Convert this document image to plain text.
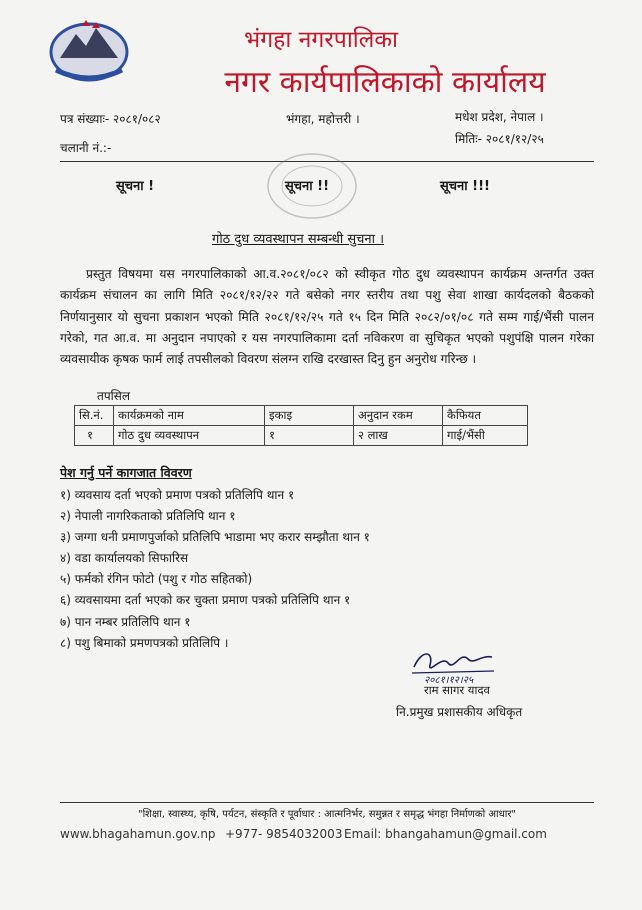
भंगहा नगरपालिका
नगर कार्यपालिकाको कार्यालय
पत्र संख्याः- २०८१/०८२	भंगहा, महोत्तरी ।	मधेश प्रदेश, नेपाल ।
चलानी नं.:-
मितिः- २०८१/१२/२५
सूचना !	सूचना !!	सूचना !!!
गोठ दुध व्यवस्थापन सम्बन्धी सुचना ।

प्रस्तुत विषयमा यस नगरपालिकाको आ.व.२०८१/०८२ को स्वीकृत गोठ दुध व्यवस्थापन कार्यक्रम अन्तर्गत उक्त कार्यक्रम संचालन का लागि मिति २०८१/१२/२२ गते बसेको नगर स्तरीय तथा पशु सेवा शाखा कार्यदलको बैठकको निर्णयानुसार यो सुचना प्रकाशन भएको मिति २०८१/१२/२५ गते १५ दिन मिति २०८२/०१/०८ गते सम्म गाई/भैंसी पालन गरेको, गत आ.व. मा अनुदान नपाएको र यस नगरपालिकामा दर्ता नविकरण वा सुचिकृत भएको पशुपंक्षि पालन गरेका व्यवसायीक कृषक फार्म लाई तपसीलको विवरण संलग्न राखि दरखास्त दिनु हुन अनुरोध गरिन्छ ।

तपसिल
सि.नं.	कार्यक्रमको नाम	इकाइ	अनुदान रकम	कैफियत
१	गोठ दुध व्यवस्थापन	१	२ लाख	गाई/भैंसी
पेश गर्नु पर्ने कागजात विवरण
१) व्यवसाय दर्ता भएको प्रमाण पत्रको प्रतिलिपि थान १
२) नेपाली नागरिकताको प्रतिलिपि थान १
३) जग्गा धनी प्रमाणपुर्जाको प्रतिलिपि भाडामा भए करार सम्झौता थान १
४) वडा कार्यालयको सिफारिस
५) फर्मको रंगिन फोटो (पशु र गोठ सहितको)
६) व्यवसायमा दर्ता भएको कर चुक्ता प्रमाण पत्रको प्रतिलिपि थान १
७) पान नम्बर प्रतिलिपि थान १
८) पशु बिमाको प्रमणपत्रको प्रतिलिपि ।
२०८१।१२।२५
राम सागर यादव
नि.प्रमुख प्रशासकीय अधिकृत
"शिक्षा, स्वास्थ्य, कृषि, पर्यटन, संस्कृति र पूर्वाधार : आत्मनिर्भर, समुन्नत र समृद्ध भंगहा निर्माणको आधार"
www.bhagahamun.gov.np +977- 9854032003 Email: bhangahamun@gmail.com
